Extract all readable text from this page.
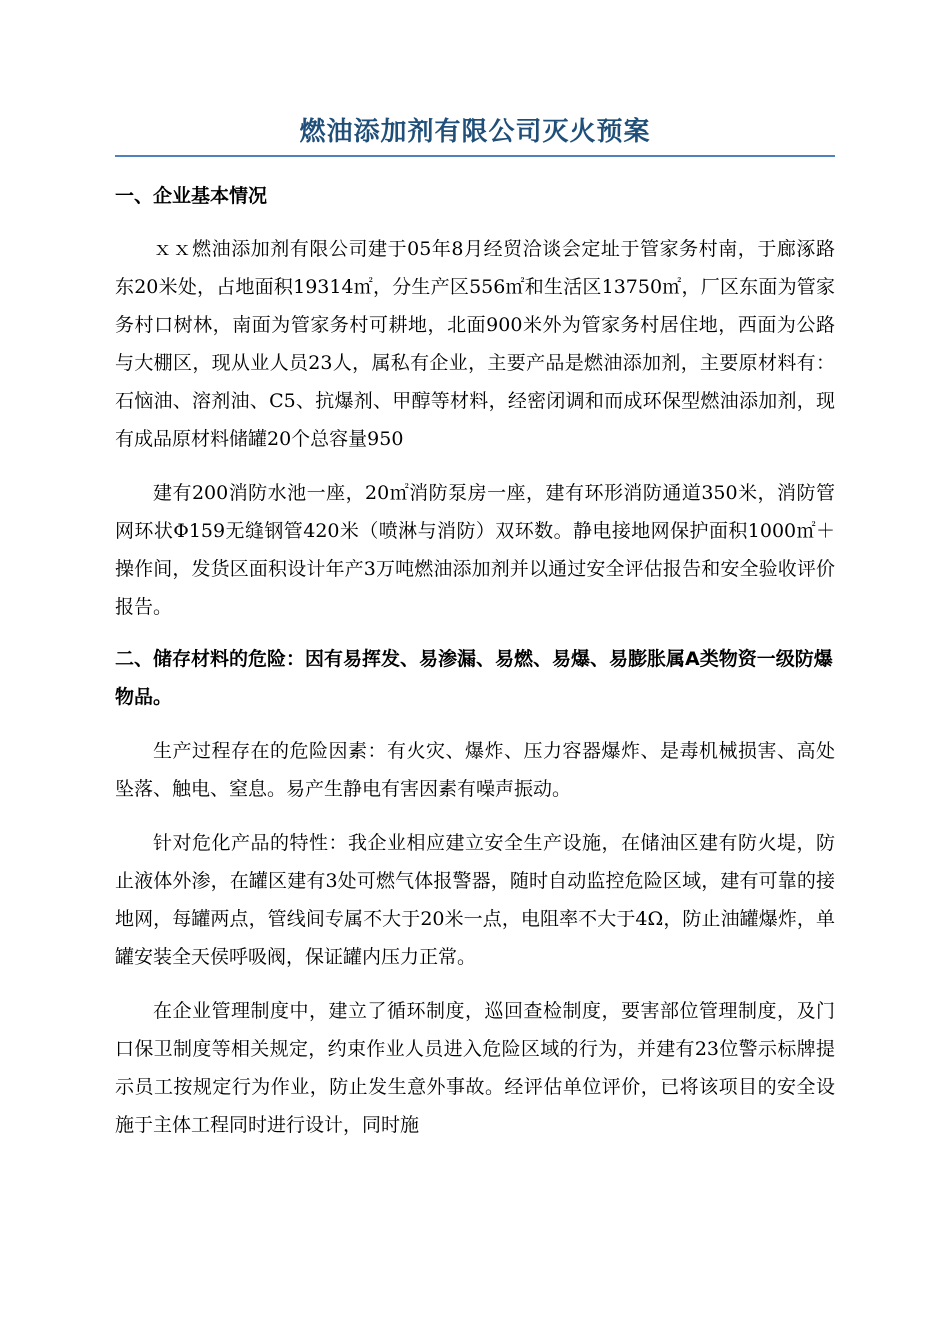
燃油添加剂有限公司灭火预案
一、企业基本情况

ｘｘ燃油添加剂有限公司建于05年8月经贸洽谈会定址于管家务村南，于廊涿路东20米处，占地面积19314㎡，分生产区556㎡和生活区13750㎡，厂区东面为管家务村口树林，南面为管家务村可耕地，北面900米外为管家务村居住地，西面为公路与大棚区，现从业人员23人，属私有企业，主要产品是燃油添加剂，主要原材料有：石恼油、溶剂油、C5、抗爆剂、甲醇等材料，经密闭调和而成环保型燃油添加剂，现有成品原材料储罐20个总容量950

建有200消防水池一座，20㎡消防泵房一座，建有环形消防通道350米，消防管网环状Φ159无缝钢管420米（喷淋与消防）双环数。静电接地网保护面积1000㎡＋操作间，发货区面积设计年产3万吨燃油添加剂并以通过安全评估报告和安全验收评价报告。

二、储存材料的危险：因有易挥发、易渗漏、易燃、易爆、易膨胀属A类物资一级防爆物品。

生产过程存在的危险因素：有火灾、爆炸、压力容器爆炸、是毒机械损害、高处坠落、触电、窒息。易产生静电有害因素有噪声振动。

针对危化产品的特性：我企业相应建立安全生产设施，在储油区建有防火堤，防止液体外渗，在罐区建有3处可燃气体报警器，随时自动监控危险区域，建有可靠的接地网，每罐两点，管线间专属不大于20米一点，电阻率不大于4Ω，防止油罐爆炸，单罐安装全天侯呼吸阀，保证罐内压力正常。

在企业管理制度中，建立了循环制度，巡回查检制度，要害部位管理制度，及门口保卫制度等相关规定，约束作业人员进入危险区域的行为，并建有23位警示标牌提示员工按规定行为作业，防止发生意外事故。经评估单位评价，已将该项目的安全设施于主体工程同时进行设计，同时施
